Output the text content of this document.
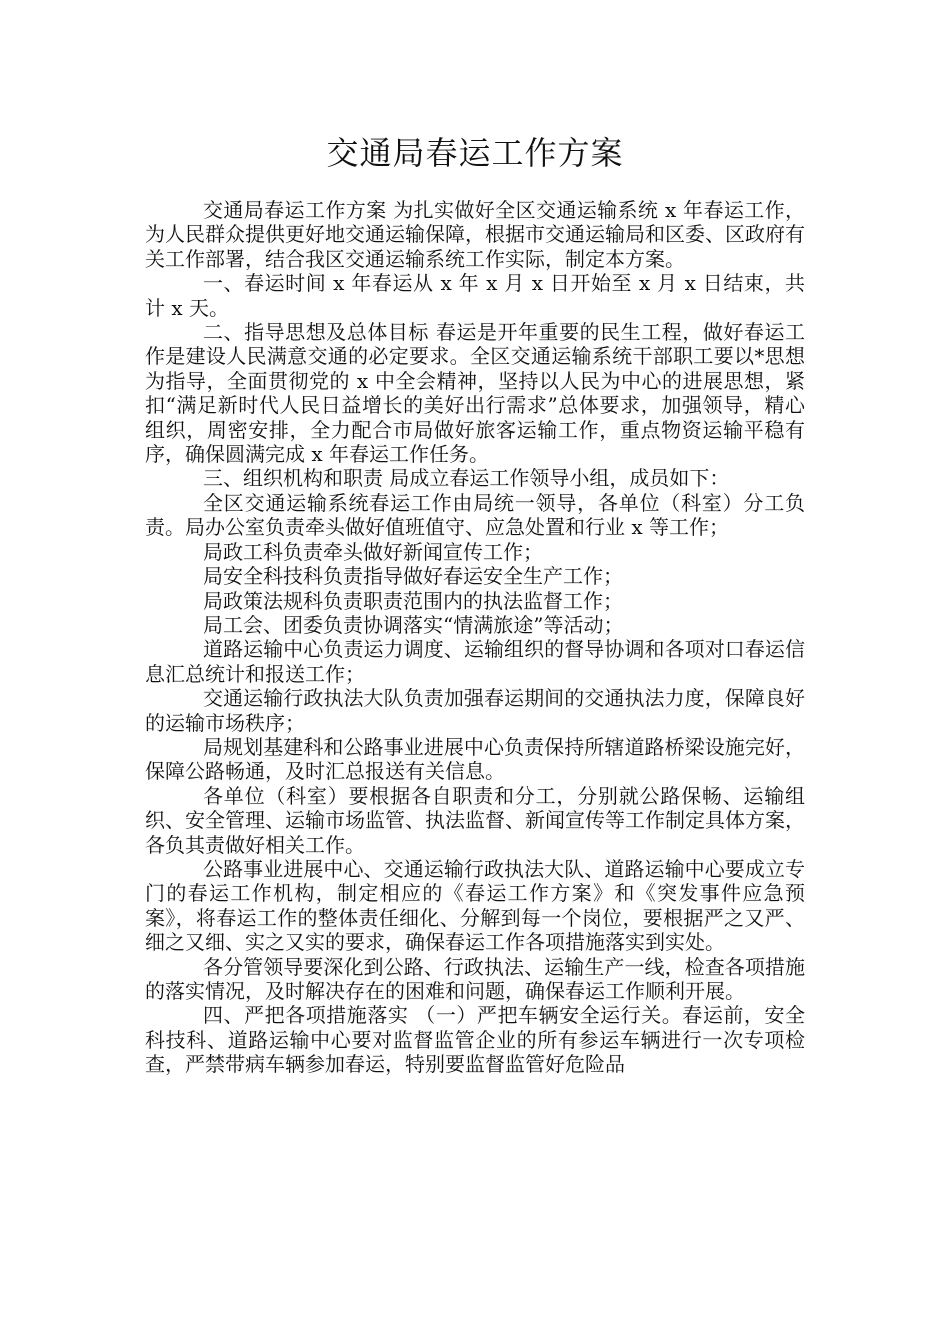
交通局春运工作方案

交通局春运工作方案 为扎实做好全区交通运输系统 x 年春运工作，为人民群众提供更好地交通运输保障，根据市交通运输局和区委、区政府有关工作部署，结合我区交通运输系统工作实际，制定本方案。

一、春运时间 x 年春运从 x 年 x 月 x 日开始至 x 月 x 日结束，共计 x 天。

二、指导思想及总体目标 春运是开年重要的民生工程，做好春运工作是建设人民满意交通的必定要求。全区交通运输系统干部职工要以*思想为指导，全面贯彻党的 x 中全会精神，坚持以人民为中心的进展思想，紧扣“满足新时代人民日益增长的美好出行需求”总体要求，加强领导，精心组织，周密安排，全力配合市局做好旅客运输工作，重点物资运输平稳有序，确保圆满完成 x 年春运工作任务。

三、组织机构和职责 局成立春运工作领导小组，成员如下：

全区交通运输系统春运工作由局统一领导，各单位（科室）分工负责。局办公室负责牵头做好值班值守、应急处置和行业 x 等工作；

局政工科负责牵头做好新闻宣传工作；

局安全科技科负责指导做好春运安全生产工作；

局政策法规科负责职责范围内的执法监督工作；

局工会、团委负责协调落实“情满旅途”等活动；

道路运输中心负责运力调度、运输组织的督导协调和各项对口春运信息汇总统计和报送工作；

交通运输行政执法大队负责加强春运期间的交通执法力度，保障良好的运输市场秩序；

局规划基建科和公路事业进展中心负责保持所辖道路桥梁设施完好，保障公路畅通，及时汇总报送有关信息。

各单位（科室）要根据各自职责和分工，分别就公路保畅、运输组织、安全管理、运输市场监管、执法监督、新闻宣传等工作制定具体方案，各负其责做好相关工作。

公路事业进展中心、交通运输行政执法大队、道路运输中心要成立专门的春运工作机构，制定相应的《春运工作方案》和《突发事件应急预案》，将春运工作的整体责任细化、分解到每一个岗位，要根据严之又严、细之又细、实之又实的要求，确保春运工作各项措施落实到实处。

各分管领导要深化到公路、行政执法、运输生产一线，检查各项措施的落实情况，及时解决存在的困难和问题，确保春运工作顺利开展。

四、严把各项措施落实 （一）严把车辆安全运行关。春运前，安全科技科、道路运输中心要对监督监管企业的所有参运车辆进行一次专项检查，严禁带病车辆参加春运，特别要监督监管好危险品
